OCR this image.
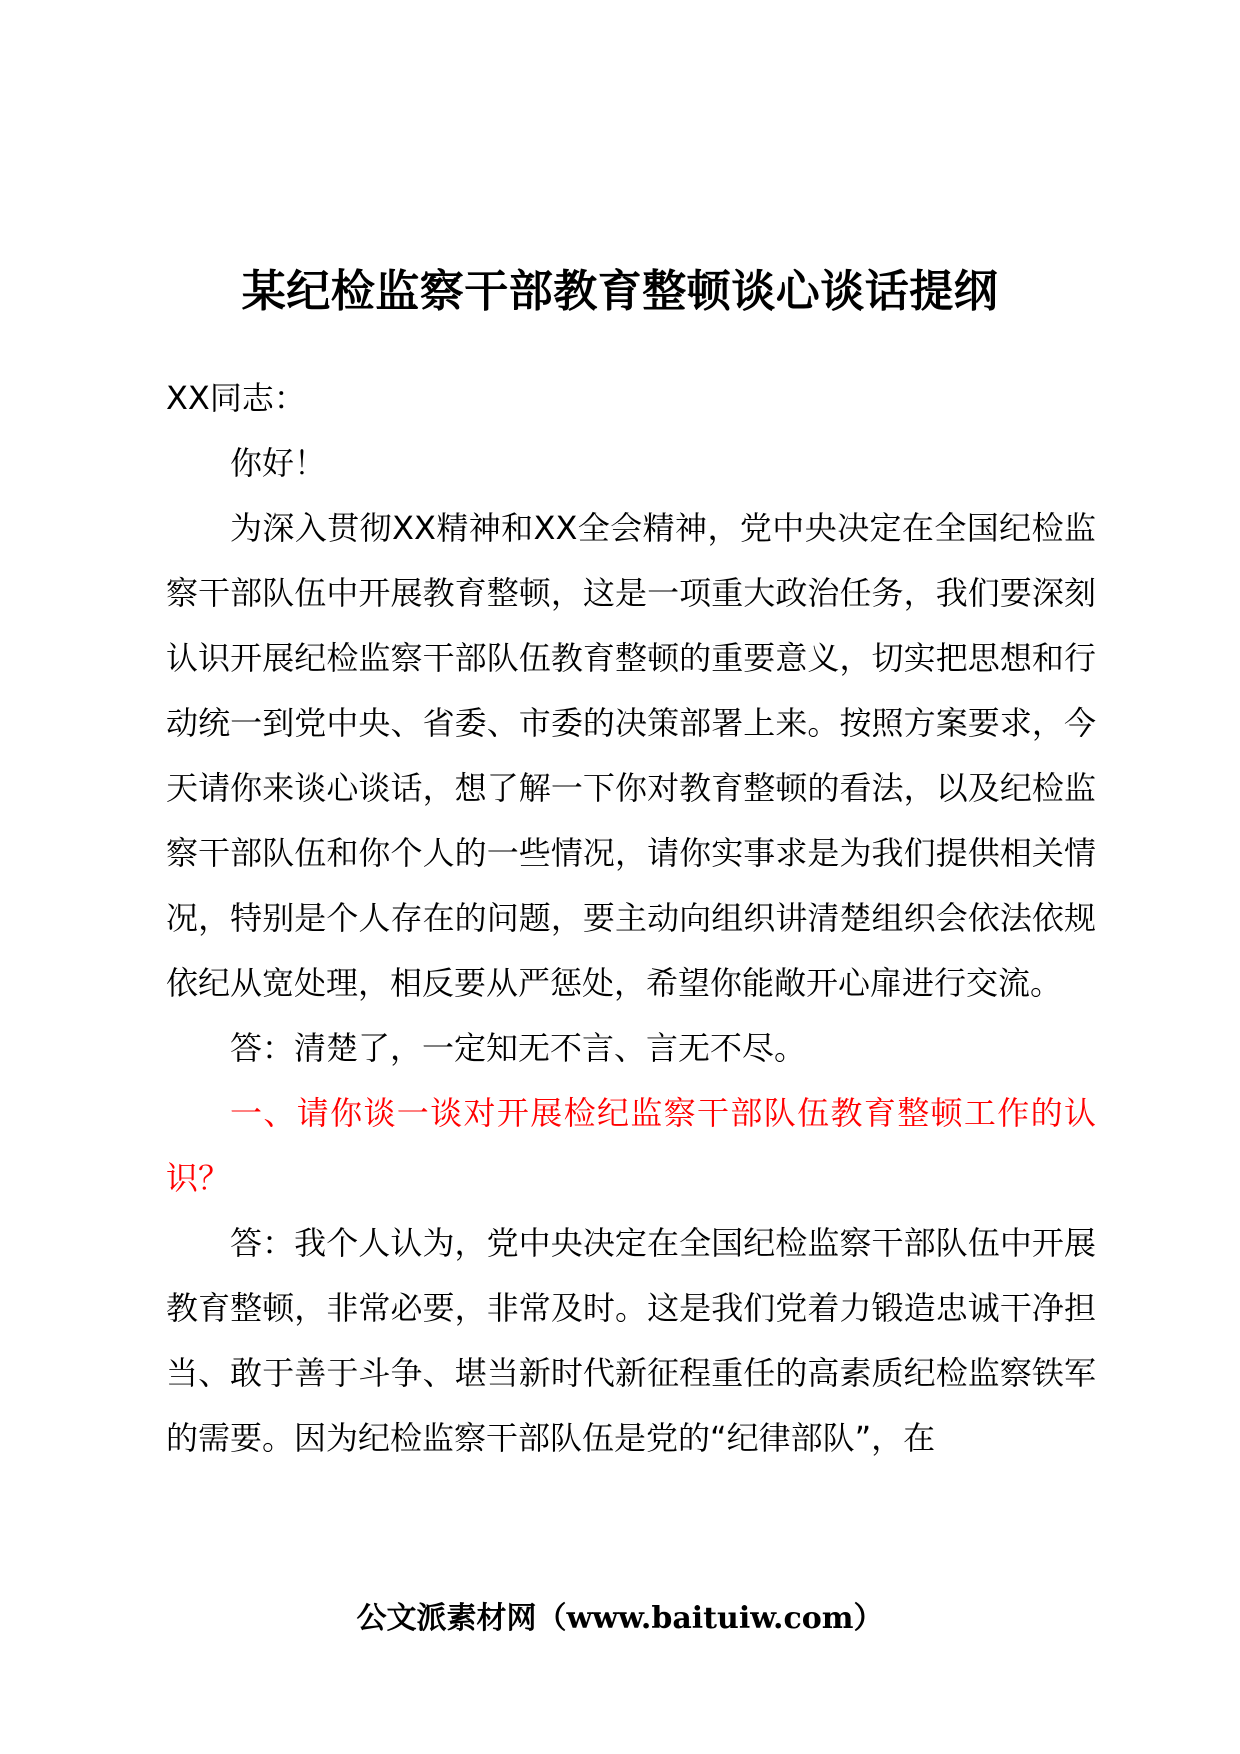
某纪检监察干部教育整顿谈心谈话提纲

XX同志：

你好！

为深入贯彻XX精神和XX全会精神，党中央决定在全国纪检监察干部队伍中开展教育整顿，这是一项重大政治任务，我们要深刻认识开展纪检监察干部队伍教育整顿的重要意义，切实把思想和行动统一到党中央、省委、市委的决策部署上来。按照方案要求，今天请你来谈心谈话，想了解一下你对教育整顿的看法，以及纪检监察干部队伍和你个人的一些情况，请你实事求是为我们提供相关情况，特别是个人存在的问题，要主动向组织讲清楚组织会依法依规依纪从宽处理，相反要从严惩处，希望你能敞开心扉进行交流。

答：清楚了，一定知无不言、言无不尽。

一、请你谈一谈对开展检纪监察干部队伍教育整顿工作的认识？

答：我个人认为，党中央决定在全国纪检监察干部队伍中开展教育整顿，非常必要，非常及时。这是我们党着力锻造忠诚干净担当、敢于善于斗争、堪当新时代新征程重任的高素质纪检监察铁军的需要。因为纪检监察干部队伍是党的“纪律部队”，在

公文派素材网（www.baituiw.com）
